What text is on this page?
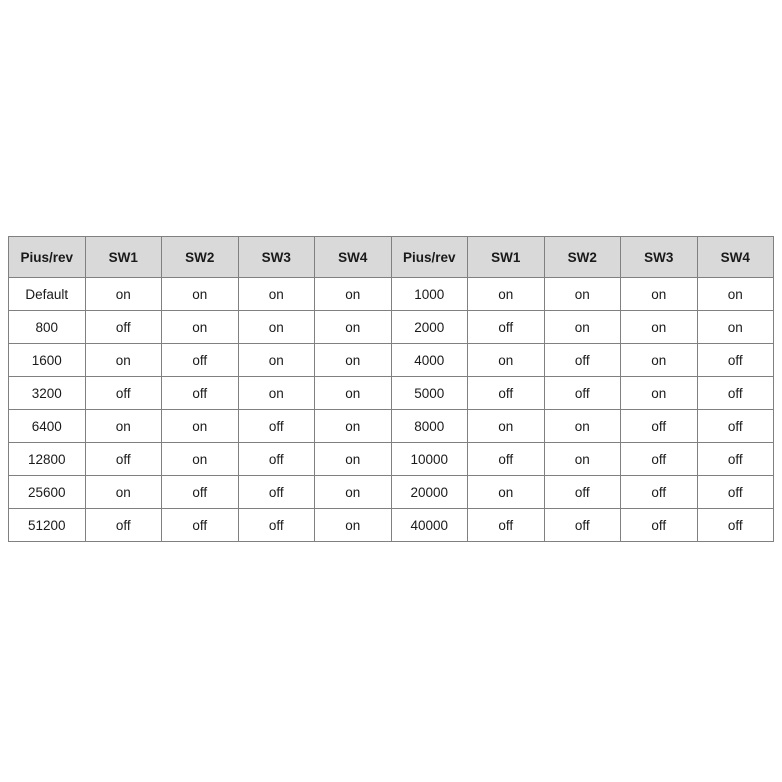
Pius/rev	SW1	SW2	SW3	SW4	Pius/rev	SW1	SW2	SW3	SW4
Default	on	on	on	on	1000	on	on	on	on
800	off	on	on	on	2000	off	on	on	on
1600	on	off	on	on	4000	on	off	on	off
3200	off	off	on	on	5000	off	off	on	off
6400	on	on	off	on	8000	on	on	off	off
12800	off	on	off	on	10000	off	on	off	off
25600	on	off	off	on	20000	on	off	off	off
51200	off	off	off	on	40000	off	off	off	off
